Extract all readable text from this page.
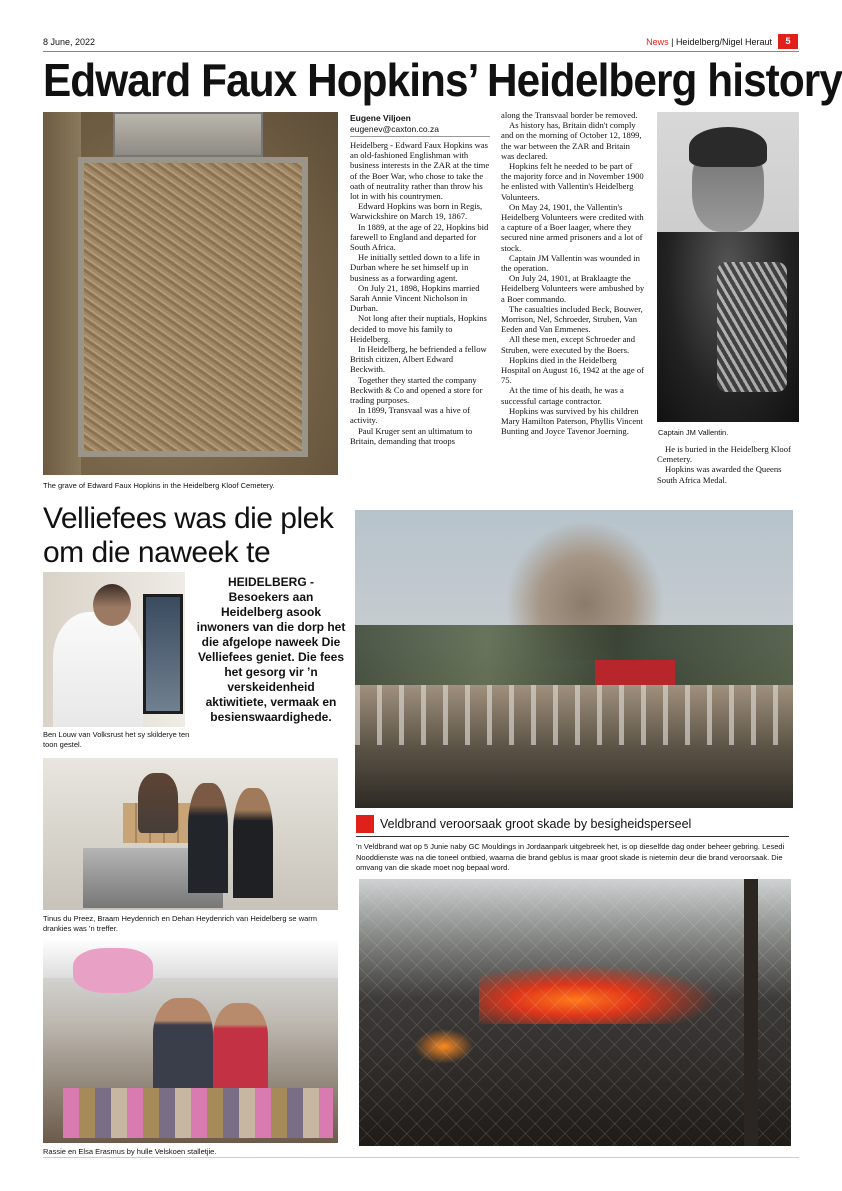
8 June, 2022	News | Heidelberg/Nigel Heraut	5
Edward Faux Hopkins’ Heidelberg history
The grave of Edward Faux Hopkins in the Heidelberg Kloof Cemetery.
Eugene Viljoen
eugenev@caxton.co.za

Heidelberg - Edward Faux Hopkins was an old-fashioned Englishman with business interests in the ZAR at the time of the Boer War, who chose to take the oath of neutrality rather than throw his lot in with his countrymen.

Edward Hopkins was born in Regis, Warwickshire on March 19, 1867.

In 1889, at the age of 22, Hopkins bid farewell to England and departed for South Africa.

He initially settled down to a life in Durban where he set himself up in business as a forwarding agent.

On July 21, 1898, Hopkins married Sarah Annie Vincent Nicholson in Durban.

Not long after their nuptials, Hopkins decided to move his family to Heidelberg.

In Heidelberg, he befriended a fellow British citizen, Albert Edward Beckwith.

Together they started the company Beckwith & Co and opened a store for trading purposes.

In 1899, Transvaal was a hive of activity.

Paul Kruger sent an ultimatum to Britain, demanding that troops

along the Transvaal border be removed.

As history has, Britain didn't comply and on the morning of October 12, 1899, the war between the ZAR and Britain was declared.

Hopkins felt he needed to be part of the majority force and in November 1900 he enlisted with Vallentin's Heidelberg Volunteers.

On May 24, 1901, the Vallentin's Heidelberg Volunteers were credited with a capture of a Boer laager, where they secured nine armed prisoners and a lot of stock.

Captain JM Vallentin was wounded in the operation.

On July 24, 1901, at Braklaagte the Heidelberg Volunteers were ambushed by a Boer commando.

The casualties included Beck, Bouwer, Morrison, Nel, Schroeder, Struben, Van Eeden and Van Emmenes.

All these men, except Schroeder and Struben, were executed by the Boers.

Hopkins died in the Heidelberg Hospital on August 16, 1942 at the age of 75.

At the time of his death, he was a successful cartage contractor.

Hopkins was survived by his children Mary Hamilton Paterson, Phyllis Vincent Bunting and Joyce Tavenor Joerning.	Captain JM Vallentin.

He is buried in the Heidelberg Kloof Cemetery.

Hopkins was awarded the Queens South Africa Medal.

Velliefees was die plek om die naweek te
Ben Louw van Volksrust het sy skilderye ten toon gestel.
HEIDELBERG - Besoekers aan Heidelberg asook inwoners van die dorp het die afgelope naweek Die Velliefees geniet. Die fees het gesorg vir ’n verskeidenheid aktiwitiete, vermaak en besienswaardighede.
Tinus du Preez, Braam Heydenrich en Dehan Heydenrich van Heidelberg se warm drankies was ’n treffer.
Rassie en Elsa Erasmus by hulle Velskoen stalletjie.
Veldbrand veroorsaak groot skade by besigheidsperseel
’n Veldbrand wat op 5 Junie naby GC Mouldings in Jordaanpark uitgebreek het, is op dieselfde dag onder beheer gebring. Lesedi Nooddienste was na die toneel ontbied, waarna die brand geblus is maar groot skade is nietemin deur die brand veroorsaak. Die omvang van die skade moet nog bepaal word.
